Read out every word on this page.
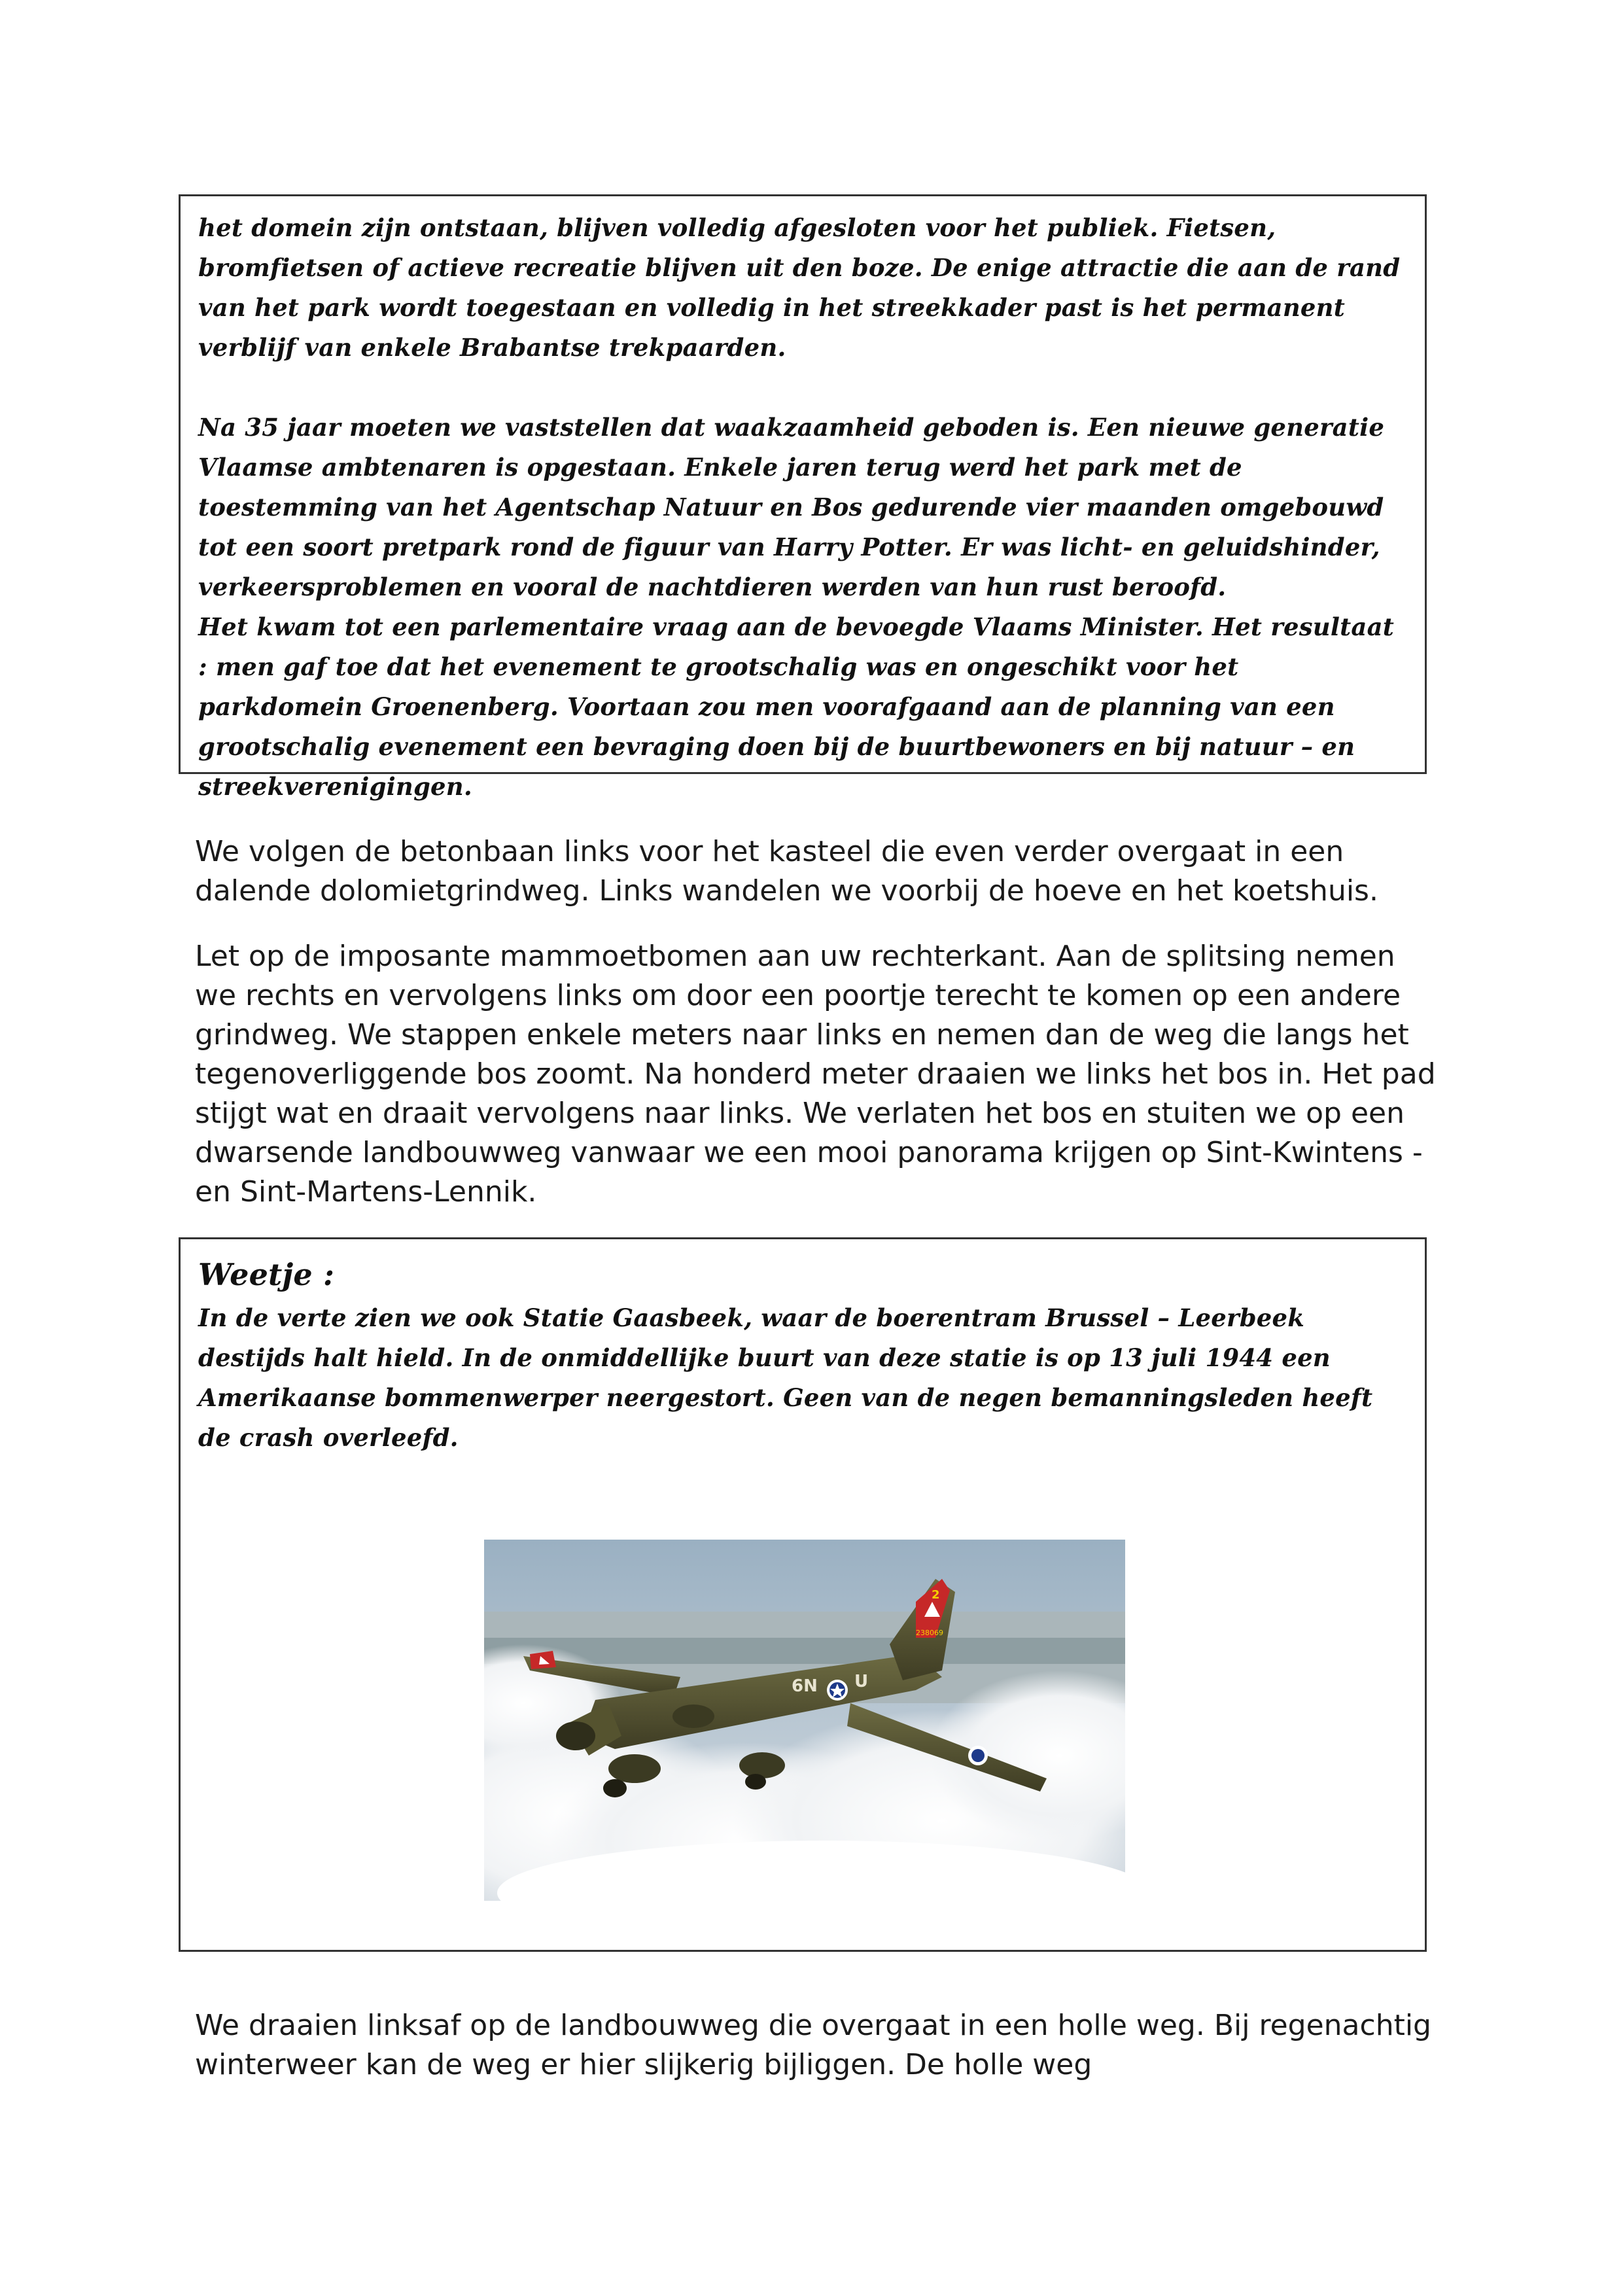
het domein zijn ontstaan, blijven volledig afgesloten voor het publiek. Fietsen, bromfietsen of actieve recreatie blijven uit den boze. De enige attractie die aan de rand van het park wordt toegestaan en volledig in het streekkader past is het permanent verblijf van enkele Brabantse trekpaarden.

Na 35 jaar moeten we vaststellen dat waakzaamheid geboden is. Een nieuwe generatie Vlaamse ambtenaren is opgestaan. Enkele jaren terug werd het park met de toestemming van het Agentschap Natuur en Bos gedurende vier maanden omgebouwd tot een soort pretpark rond de figuur van Harry Potter. Er was licht- en geluidshinder, verkeersproblemen en vooral de nachtdieren werden van hun rust beroofd.

Het kwam tot een parlementaire vraag aan de bevoegde Vlaams Minister. Het resultaat : men gaf toe dat het evenement te grootschalig was en ongeschikt voor het parkdomein Groenenberg. Voortaan zou men voorafgaand aan de planning van een grootschalig evenement een bevraging doen bij de buurtbewoners en bij natuur – en streekverenigingen.

We volgen de betonbaan links voor het kasteel die even verder overgaat in een dalende dolomietgrindweg. Links wandelen we voorbij de hoeve en het koetshuis.

Let op de imposante mammoetbomen aan uw rechterkant. Aan de splitsing nemen we rechts en vervolgens links om door een poortje terecht te komen op een andere grindweg. We stappen enkele meters naar links en nemen dan de weg die langs het tegenoverliggende bos zoomt. Na honderd meter draaien we links het bos in. Het pad stijgt wat en draait vervolgens naar links. We verlaten het bos en stuiten we op een dwarsende landbouwweg vanwaar we een mooi panorama krijgen op Sint-Kwintens -en Sint-Martens-Lennik.

Weetje :

In de verte zien we ook Statie Gaasbeek, waar de boerentram Brussel – Leerbeek destijds halt hield. In de onmiddellijke buurt van deze statie is op 13 juli 1944 een Amerikaanse bommenwerper neergestort. Geen van de negen bemanningsleden heeft de crash overleefd.

2
238069
6N U

We draaien linksaf op de landbouwweg die overgaat in een holle weg. Bij regenachtig winterweer kan de weg er hier slijkerig bijliggen. De holle weg
